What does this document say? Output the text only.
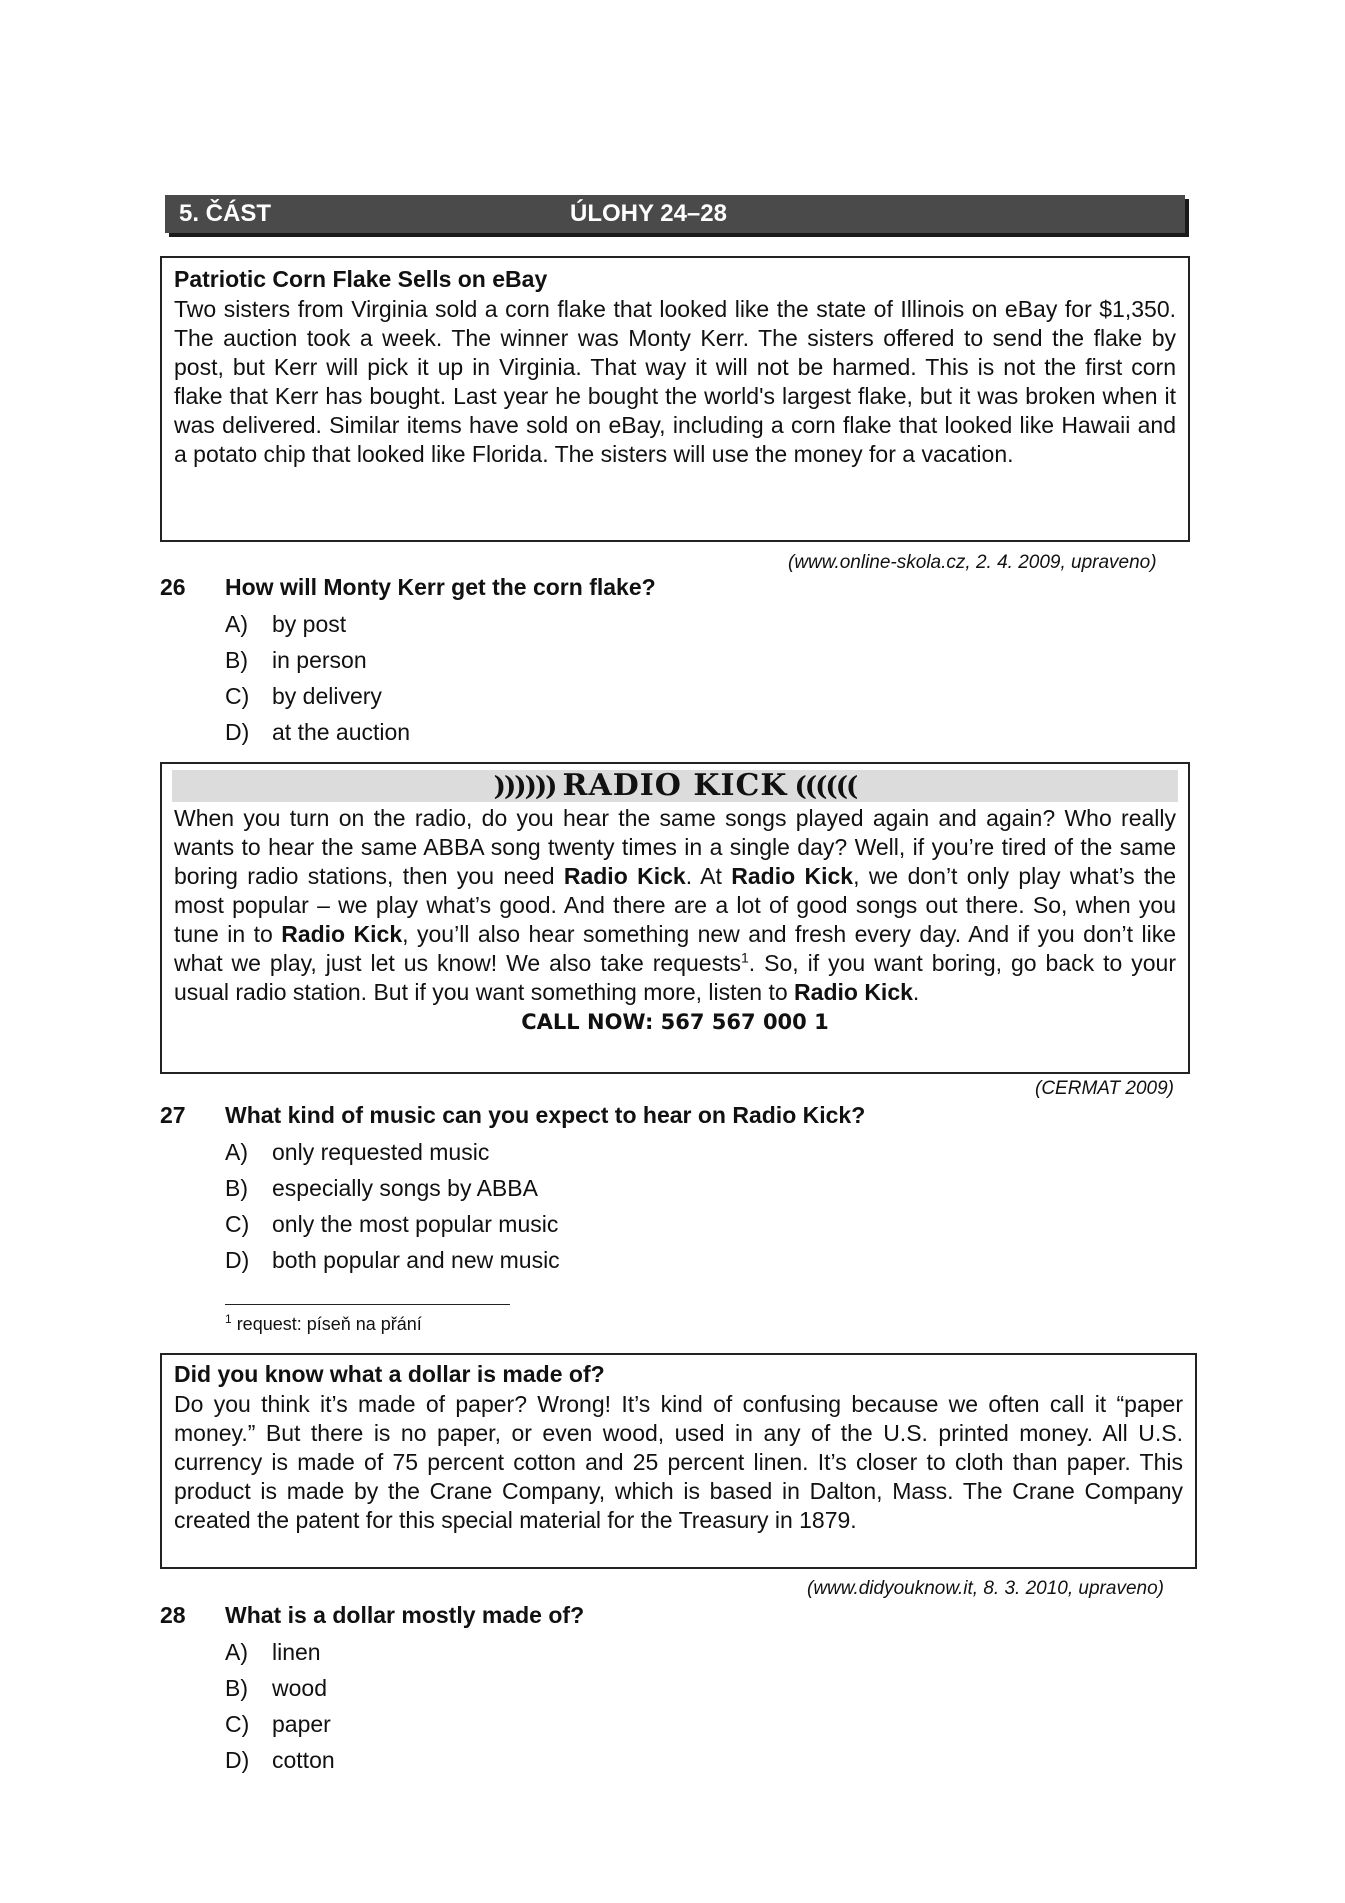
5. ČÁST	ÚLOHY 24–28

Patriotic Corn Flake Sells on eBay

Two sisters from Virginia sold a corn flake that looked like the state of Illinois on eBay for $1,350. The auction took a week. The winner was Monty Kerr. The sisters offered to send the flake by post, but Kerr will pick it up in Virginia. That way it will not be harmed. This is not the first corn flake that Kerr has bought. Last year he bought the world's largest flake, but it was broken when it was delivered. Similar items have sold on eBay, including a corn flake that looked like Hawaii and a potato chip that looked like Florida. The sisters will use the money for a vacation.

(www.online-skola.cz, 2. 4. 2009, upraveno)
26 How will Monty Kerr get the corn flake?
A) by post
B) in person
C) by delivery
D) at the auction
)))))) RADIO KICK ((((((

When you turn on the radio, do you hear the same songs played again and again? Who really wants to hear the same ABBA song twenty times in a single day? Well, if you’re tired of the same boring radio stations, then you need Radio Kick. At Radio Kick, we don’t only play what’s the most popular – we play what’s good. And there are a lot of good songs out there. So, when you tune in to Radio Kick, you’ll also hear something new and fresh every day. And if you don’t like what we play, just let us know! We also take requests$^1$. So, if you want boring, go back to your usual radio station. But if you want something more, listen to Radio Kick.

CALL NOW: 567 567 000 1
(CERMAT 2009)
27 What kind of music can you expect to hear on Radio Kick?
A) only requested music
B) especially songs by ABBA
C) only the most popular music
D) both popular and new music
$^1$ request: píseň na přání

Did you know what a dollar is made of?

Do you think it’s made of paper? Wrong! It’s kind of confusing because we often call it “paper money.” But there is no paper, or even wood, used in any of the U.S. printed money. All U.S. currency is made of 75 percent cotton and 25 percent linen. It’s closer to cloth than paper. This product is made by the Crane Company, which is based in Dalton, Mass. The Crane Company created the patent for this special material for the Treasury in 1879.

(www.didyouknow.it, 8. 3. 2010, upraveno)
28 What is a dollar mostly made of?
A) linen
B) wood
C) paper
D) cotton
